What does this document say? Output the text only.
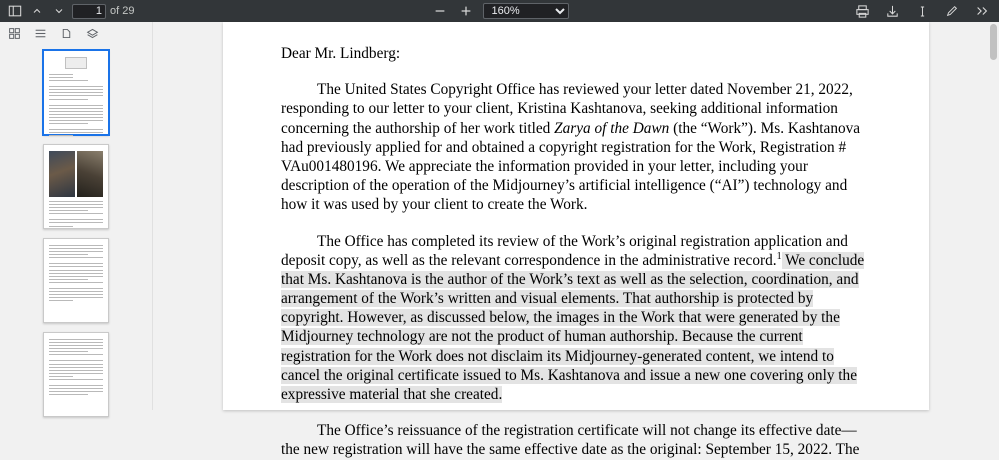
1
of 29
160%

Dear Mr. Lindberg:

The United States Copyright Office has reviewed your letter dated November 21, 2022, responding to our letter to your client, Kristina Kashtanova, seeking additional information concerning the authorship of her work titled Zarya of the Dawn (the “Work”). Ms. Kashtanova had previously applied for and obtained a copyright registration for the Work, Registration # VAu001480196. We appreciate the information provided in your letter, including your description of the operation of the Midjourney’s artificial intelligence (“AI”) technology and how it was used by your client to create the Work.

The Office has completed its review of the Work’s original registration application and deposit copy, as well as the relevant correspondence in the administrative record.$^1$ We conclude that Ms. Kashtanova is the author of the Work’s text as well as the selection, coordination, and arrangement of the Work’s written and visual elements. That authorship is protected by copyright. However, as discussed below, the images in the Work that were generated by the Midjourney technology are not the product of human authorship. Because the current registration for the Work does not disclaim its Midjourney-generated content, we intend to cancel the original certificate issued to Ms. Kashtanova and issue a new one covering only the expressive material that she created.

The Office’s reissuance of the registration certificate will not change its effective date—the new registration will have the same effective date as the original: September 15, 2022. The
